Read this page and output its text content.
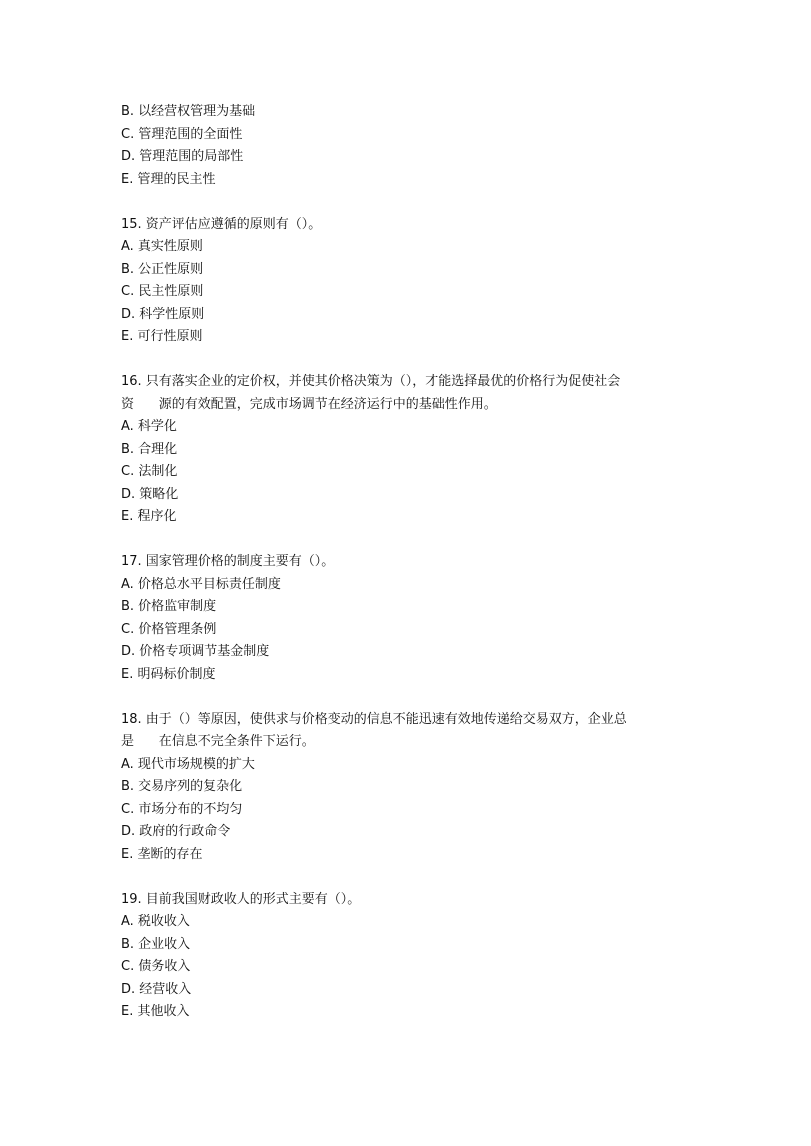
B. 以经营权管理为基础
C. 管理范围的全面性
D. 管理范围的局部性
E. 管理的民主性
15. 资产评估应遵循的原则有（）。
A. 真实性原则
B. 公正性原则
C. 民主性原则
D. 科学性原则
E. 可行性原则
16. 只有落实企业的定价权，并使其价格决策为（），才能选择最优的价格行为促使社会
资      源的有效配置，完成市场调节在经济运行中的基础性作用。
A. 科学化
B. 合理化
C. 法制化
D. 策略化
E. 程序化
17. 国家管理价格的制度主要有（）。
A. 价格总水平目标责任制度
B. 价格监审制度
C. 价格管理条例
D. 价格专项调节基金制度
E. 明码标价制度
18. 由于（）等原因，使供求与价格变动的信息不能迅速有效地传递给交易双方，企业总
是      在信息不完全条件下运行。
A. 现代市场规模的扩大
B. 交易序列的复杂化
C. 市场分布的不均匀
D. 政府的行政命令
E. 垄断的存在
19. 目前我国财政收人的形式主要有（）。
A. 税收收入
B. 企业收入
C. 债务收入
D. 经营收入
E. 其他收入
